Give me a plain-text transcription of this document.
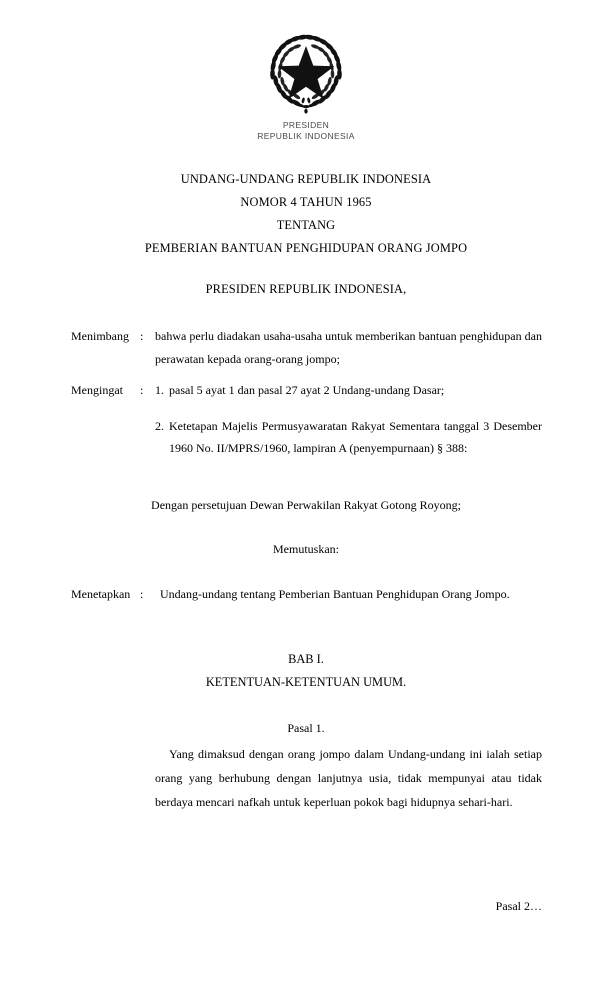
PRESIDEN
REPUBLIK INDONESIA
UNDANG-UNDANG REPUBLIK INDONESIA
NOMOR 4 TAHUN 1965
TENTANG
PEMBERIAN BANTUAN PENGHIDUPAN ORANG JOMPO
PRESIDEN REPUBLIK INDONESIA,
Menimbang : bahwa perlu diadakan usaha-usaha untuk memberikan bantuan penghidupan dan perawatan kepada orang-orang jompo;
Mengingat	: 1. pasal 5 ayat 1 dan pasal 27 ayat 2 Undang-undang Dasar;
2. Ketetapan Majelis Permusyawaratan Rakyat Sementara tanggal 3 Desember 1960 No. II/MPRS/1960, lampiran A (penyempurnaan) § 388:
Dengan persetujuan Dewan Perwakilan Rakyat Gotong Royong;
Memutuskan:
Menetapkan :	Undang-undang tentang Pemberian Bantuan Penghidupan Orang Jompo.
BAB I.
KETENTUAN-KETENTUAN UMUM.
Pasal 1.
Yang dimaksud dengan orang jompo dalam Undang-undang ini ialah setiap orang yang berhubung dengan lanjutnya usia, tidak mempunyai atau tidak berdaya mencari nafkah untuk keperluan pokok bagi hidupnya sehari-hari.
Pasal 2…
